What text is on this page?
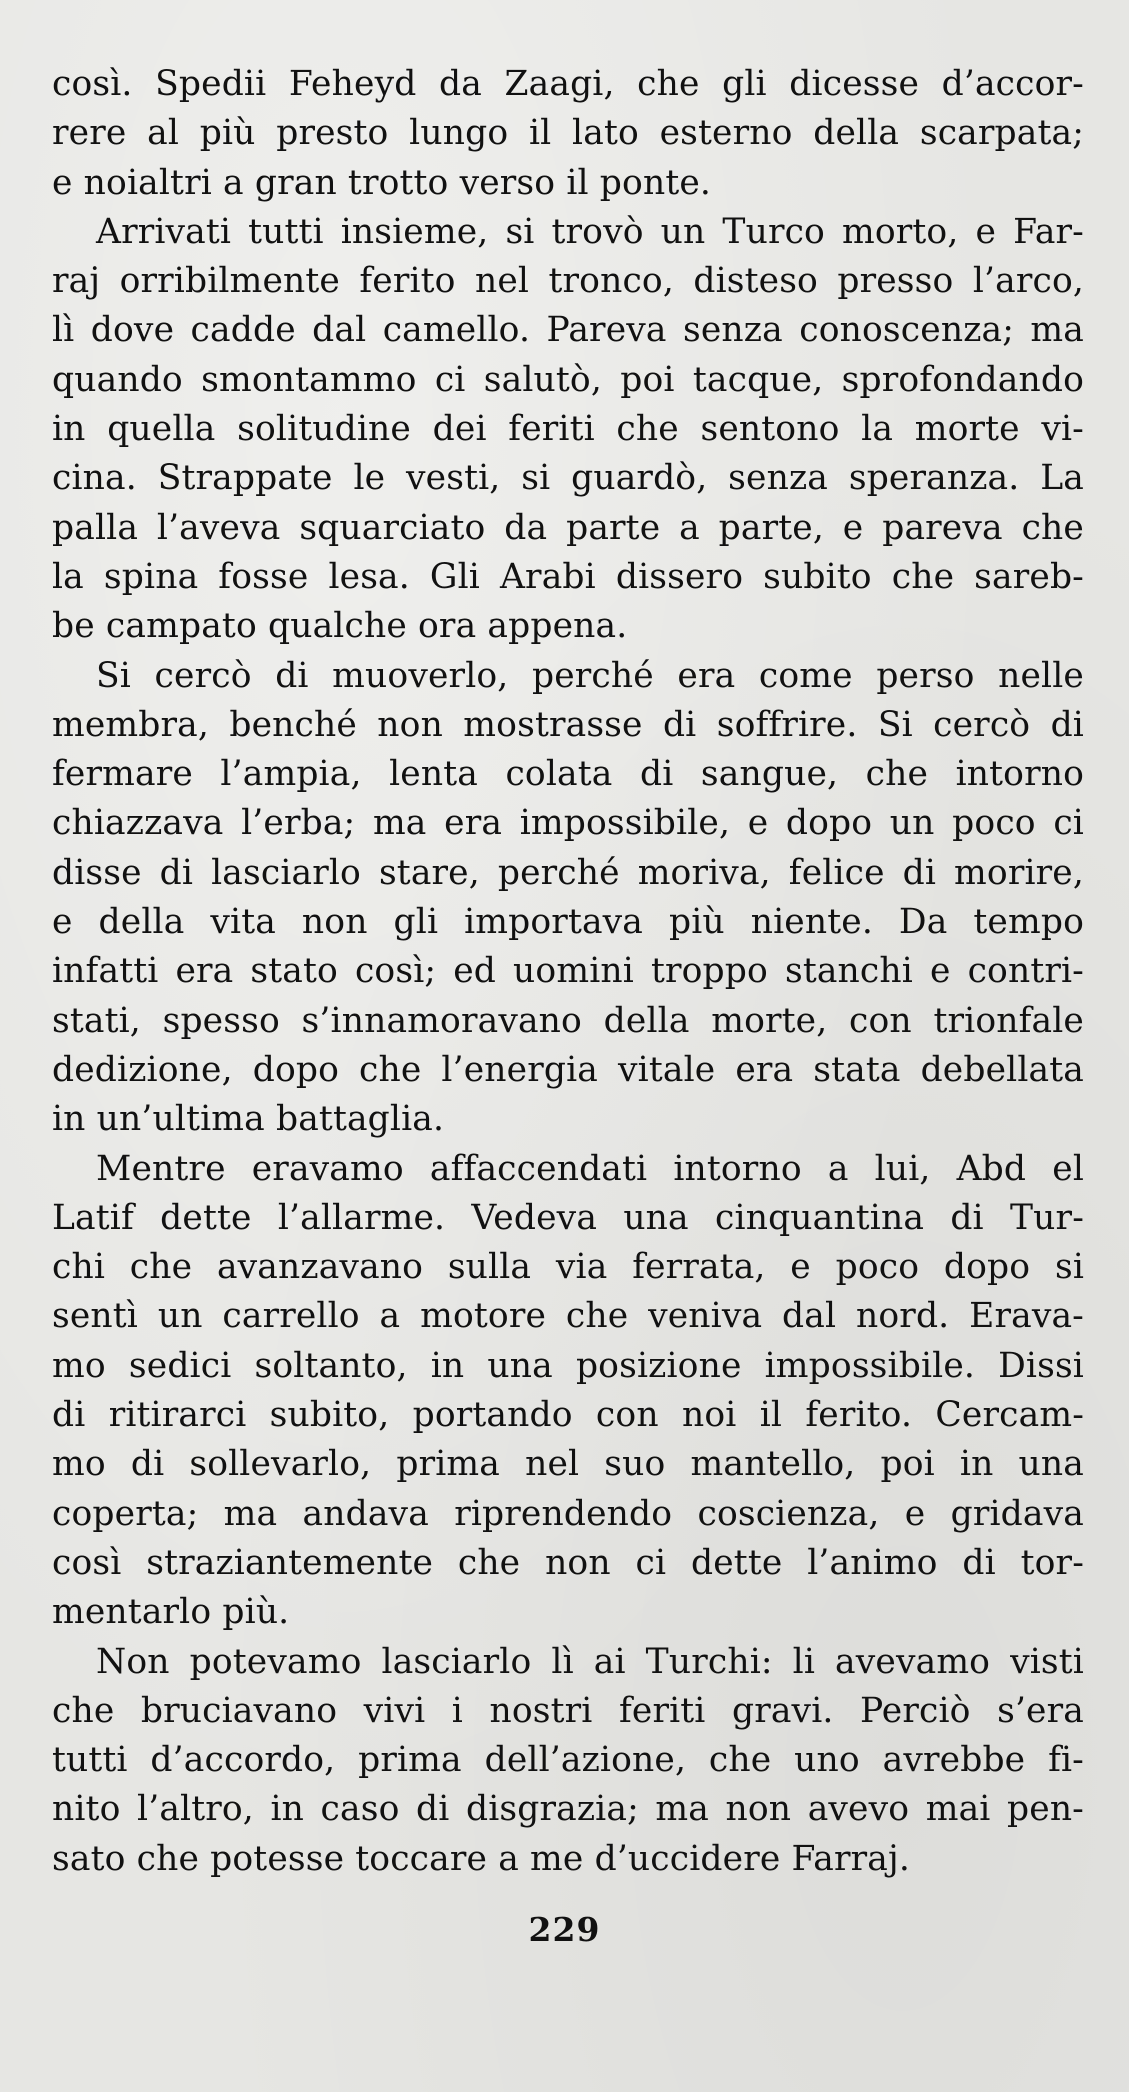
così. Spedii Feheyd da Zaagi, che gli dicesse d’accor-
rere al più presto lungo il lato esterno della scarpata;
e noialtri a gran trotto verso il ponte.
Arrivati tutti insieme, si trovò un Turco morto, e Far-
raj orribilmente ferito nel tronco, disteso presso l’arco,
lì dove cadde dal camello. Pareva senza conoscenza; ma
quando smontammo ci salutò, poi tacque, sprofondando
in quella solitudine dei feriti che sentono la morte vi-
cina. Strappate le vesti, si guardò, senza speranza. La
palla l’aveva squarciato da parte a parte, e pareva che
la spina fosse lesa. Gli Arabi dissero subito che sareb-
be campato qualche ora appena.
Si cercò di muoverlo, perché era come perso nelle
membra, benché non mostrasse di soffrire. Si cercò di
fermare l’ampia, lenta colata di sangue, che intorno
chiazzava l’erba; ma era impossibile, e dopo un poco ci
disse di lasciarlo stare, perché moriva, felice di morire,
e della vita non gli importava più niente. Da tempo
infatti era stato così; ed uomini troppo stanchi e contri-
stati, spesso s’innamoravano della morte, con trionfale
dedizione, dopo che l’energia vitale era stata debellata
in un’ultima battaglia.
Mentre eravamo affaccendati intorno a lui, Abd el
Latif dette l’allarme. Vedeva una cinquantina di Tur-
chi che avanzavano sulla via ferrata, e poco dopo si
sentì un carrello a motore che veniva dal nord. Erava-
mo sedici soltanto, in una posizione impossibile. Dissi
di ritirarci subito, portando con noi il ferito. Cercam-
mo di sollevarlo, prima nel suo mantello, poi in una
coperta; ma andava riprendendo coscienza, e gridava
così straziantemente che non ci dette l’animo di tor-
mentarlo più.
Non potevamo lasciarlo lì ai Turchi: li avevamo visti
che bruciavano vivi i nostri feriti gravi. Perciò s’era
tutti d’accordo, prima dell’azione, che uno avrebbe fi-
nito l’altro, in caso di disgrazia; ma non avevo mai pen-
sato che potesse toccare a me d’uccidere Farraj.
229
